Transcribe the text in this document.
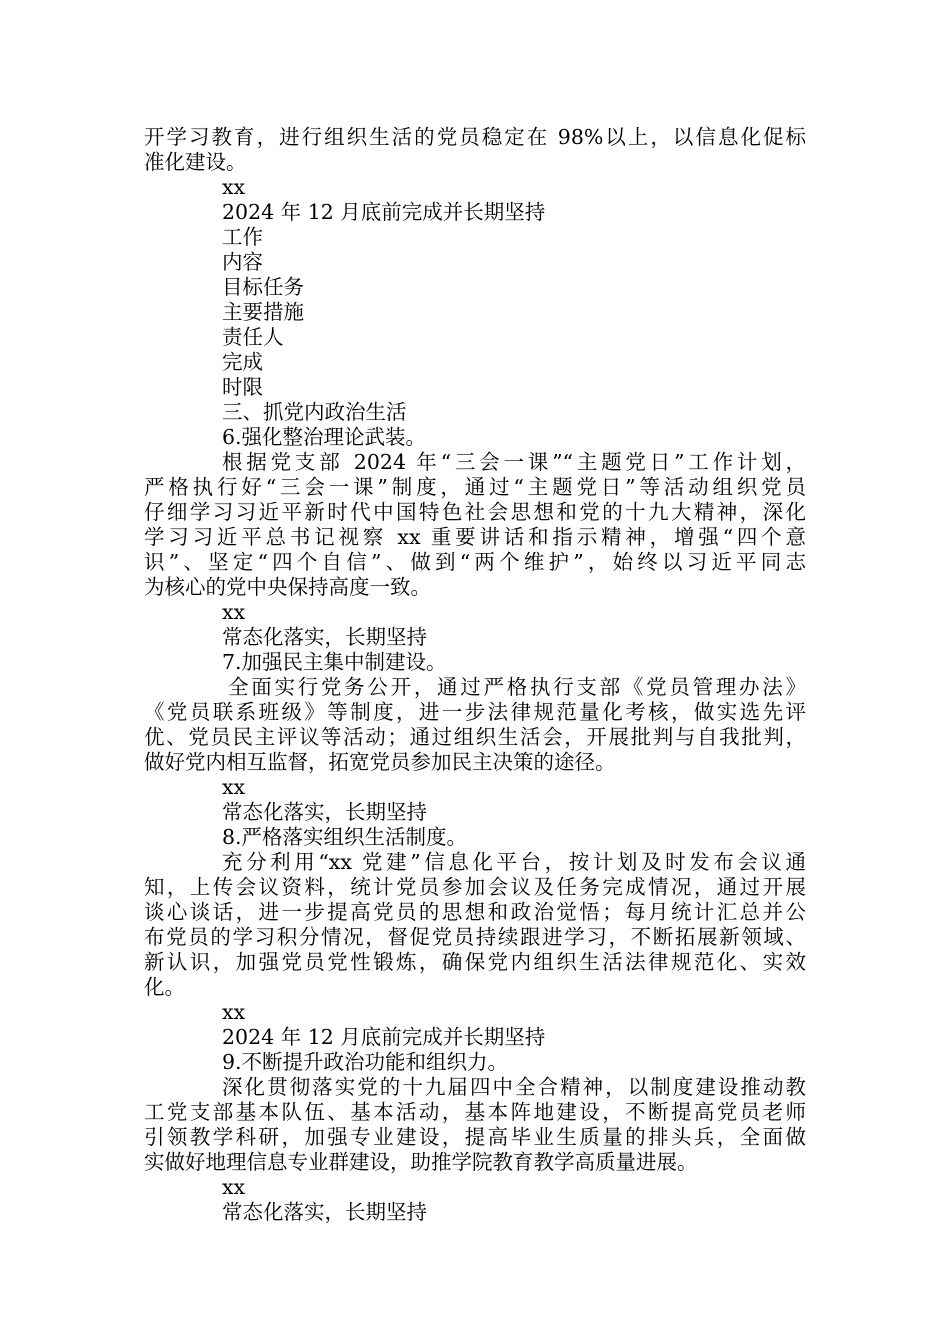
开学习教育，进行组织生活的党员稳定在 98%以上，以信息化促标
准化建设。
xx
2024 年 12 月底前完成并长期坚持
工作
内容
目标任务
主要措施
责任人
完成
时限
三、抓党内政治生活
6.强化整治理论武装。
根据党支部 2024 年“三会一课”“主题党日”工作计划，
严格执行好“三会一课”制度，通过“主题党日”等活动组织党员
仔细学习习近平新时代中国特色社会思想和党的十九大精神，深化
学习习近平总书记视察 xx 重要讲话和指示精神，增强“四个意
识”、坚定“四个自信”、做到“两个维护”，始终以习近平同志
为核心的党中央保持高度一致。
xx
常态化落实，长期坚持
7.加强民主集中制建设。
全面实行党务公开，通过严格执行支部《党员管理办法》
《党员联系班级》等制度，进一步法律规范量化考核，做实选先评
优、党员民主评议等活动；通过组织生活会，开展批判与自我批判，
做好党内相互监督，拓宽党员参加民主决策的途径。
xx
常态化落实，长期坚持
8.严格落实组织生活制度。
充分利用“xx 党建”信息化平台，按计划及时发布会议通
知，上传会议资料，统计党员参加会议及任务完成情况，通过开展
谈心谈话，进一步提高党员的思想和政治觉悟；每月统计汇总并公
布党员的学习积分情况，督促党员持续跟进学习，不断拓展新领域、
新认识，加强党员党性锻炼，确保党内组织生活法律规范化、实效
化。
xx
2024 年 12 月底前完成并长期坚持
9.不断提升政治功能和组织力。
深化贯彻落实党的十九届四中全合精神，以制度建设推动教
工党支部基本队伍、基本活动，基本阵地建设，不断提高党员老师
引领教学科研，加强专业建设，提高毕业生质量的排头兵，全面做
实做好地理信息专业群建设，助推学院教育教学高质量进展。
xx
常态化落实，长期坚持
